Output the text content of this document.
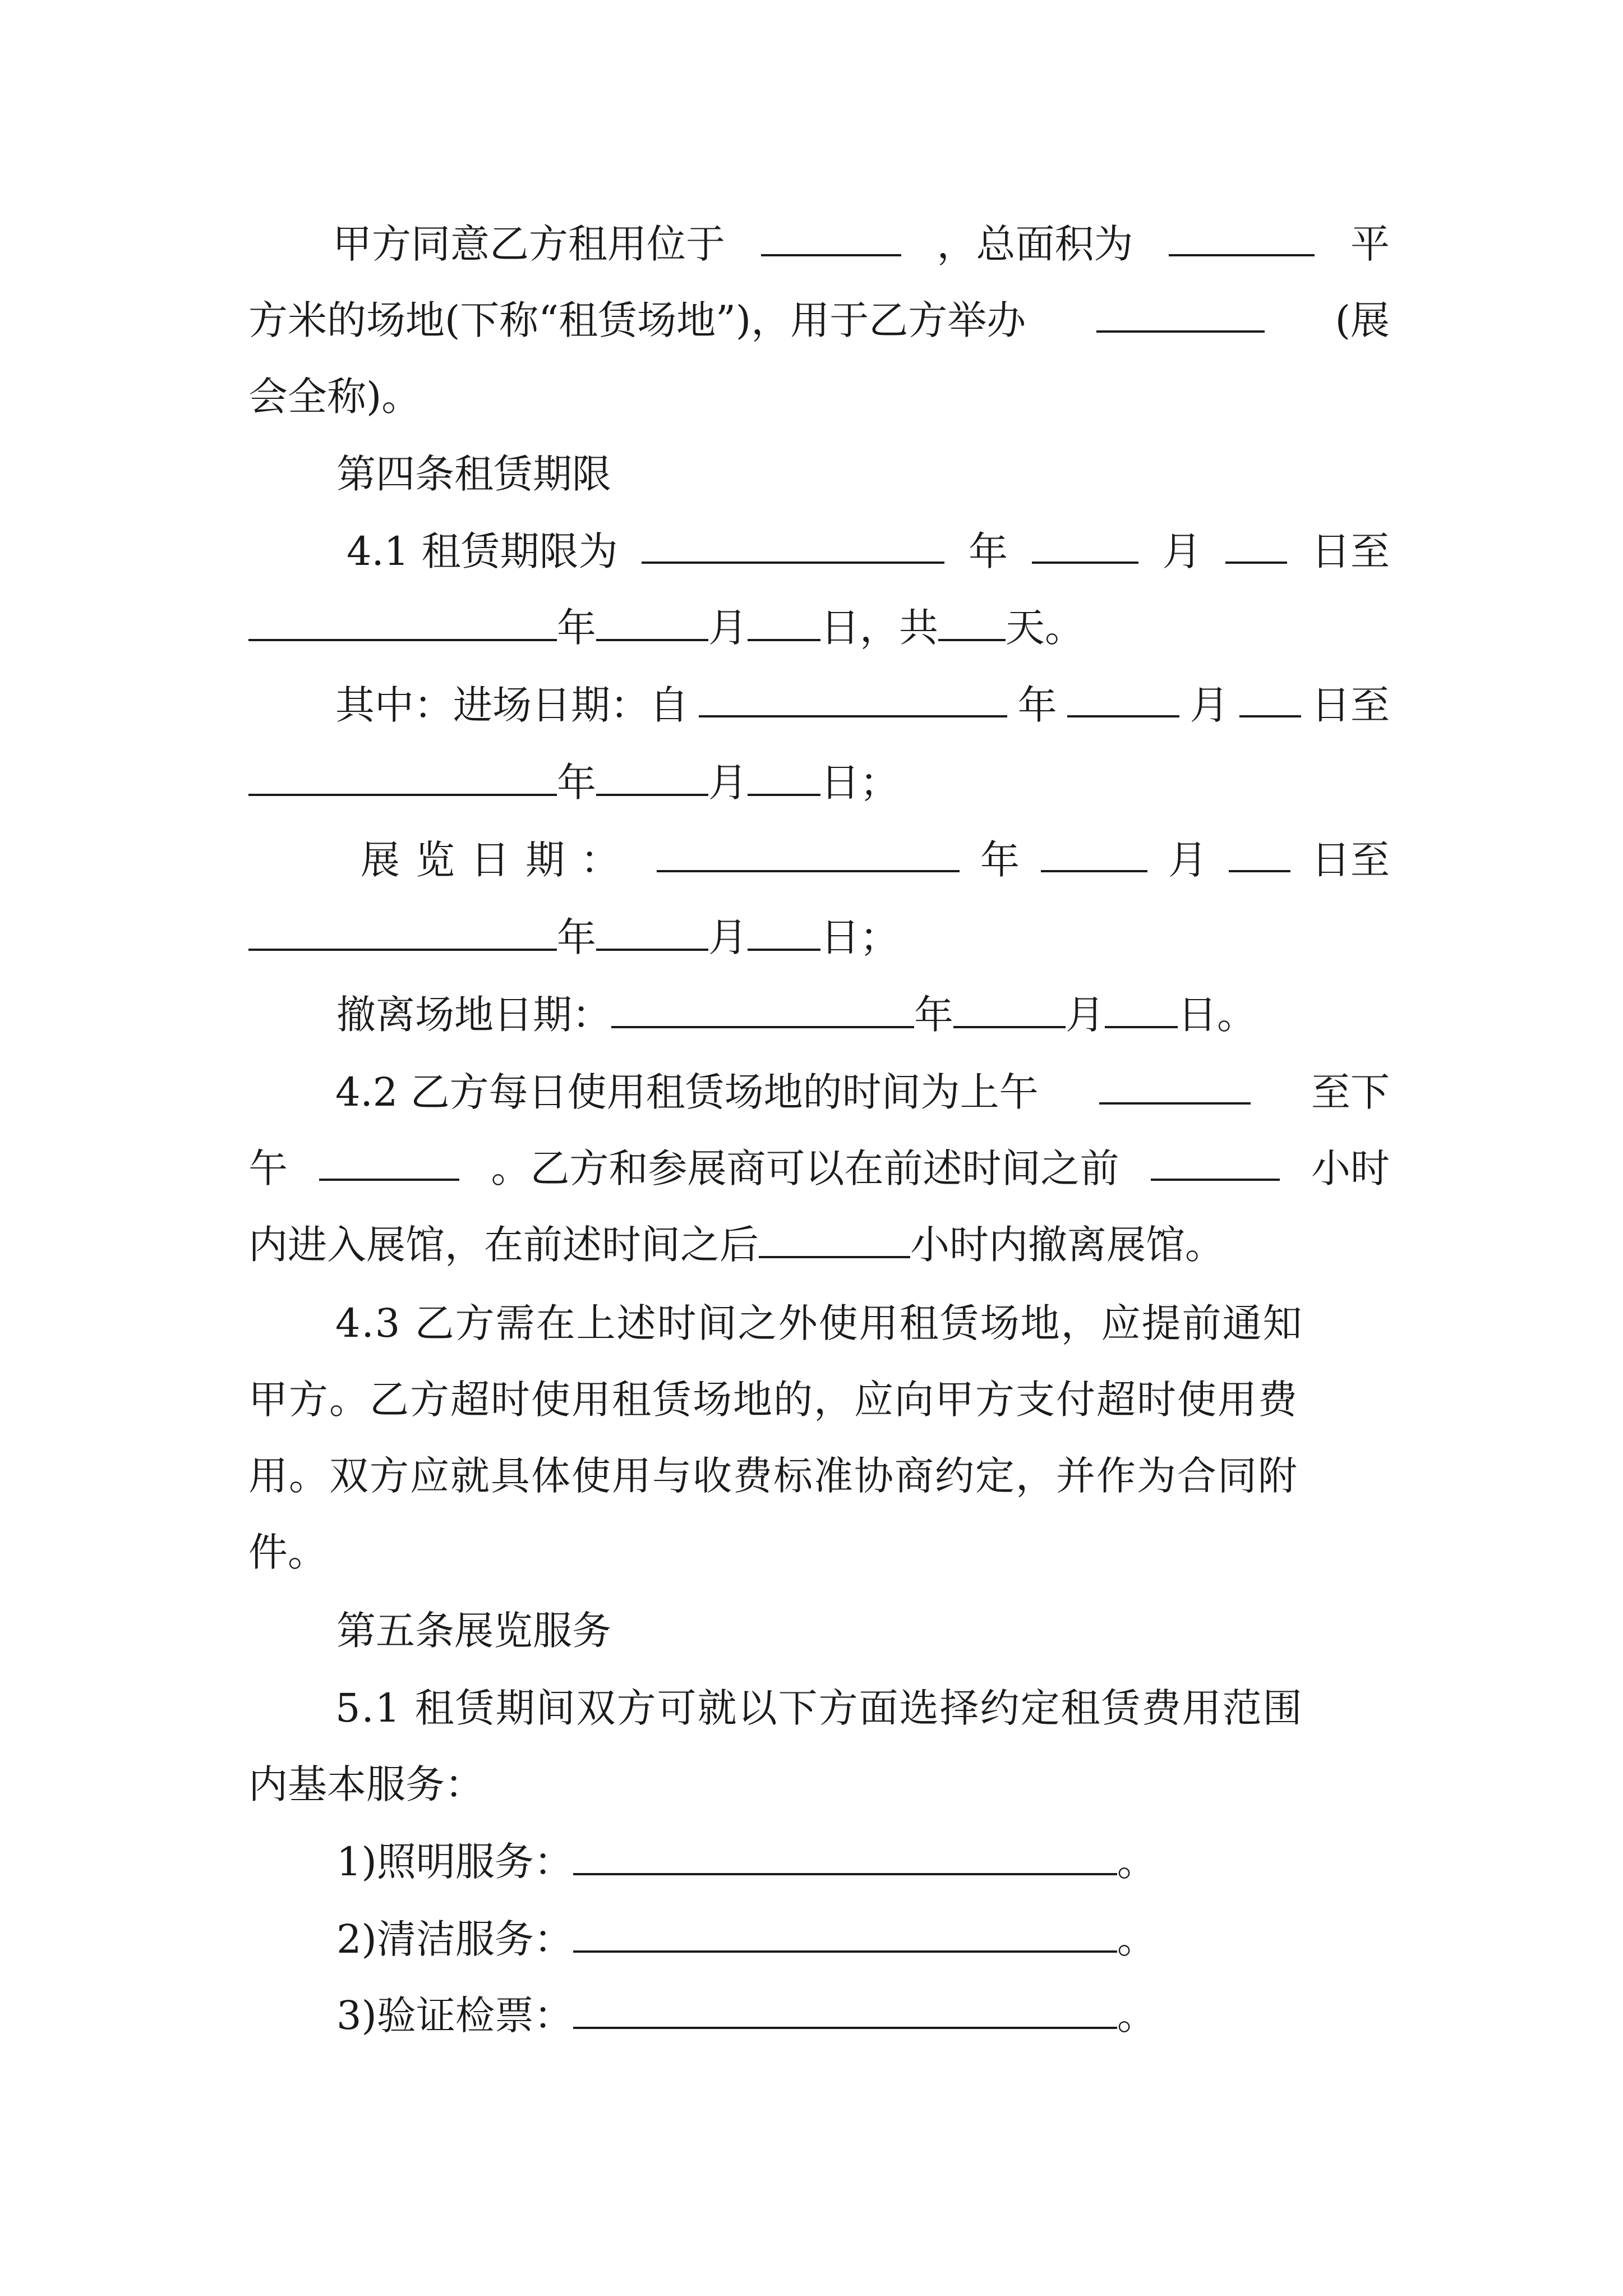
甲方同意乙方租用位于	，总面积为	平
方米的场地(下称“租赁场地”)，用于乙方举办	(展
会全称)。
第四条租赁期限
4.1 租赁期限为	年	月	日至
年	月 日，共 天。
其中：进场日期：自	年	月 日至
年	月 日；
展览日期：	年	月	日至
年	月 日；
撤离场地日期：	年	月 日。
4.2 乙方每日使用租赁场地的时间为上午	至下
午	。乙方和参展商可以在前述时间之前	小时
内进入展馆，在前述时间之后	小时内撤离展馆。
4.3 乙方需在上述时间之外使用租赁场地，应提前通知
甲方。乙方超时使用租赁场地的，应向甲方支付超时使用费
用。双方应就具体使用与收费标准协商约定，并作为合同附
件。
第五条展览服务
5.1 租赁期间双方可就以下方面选择约定租赁费用范围
内基本服务：
1)照明服务：	。
2)清洁服务：	。
3)验证检票：	。
